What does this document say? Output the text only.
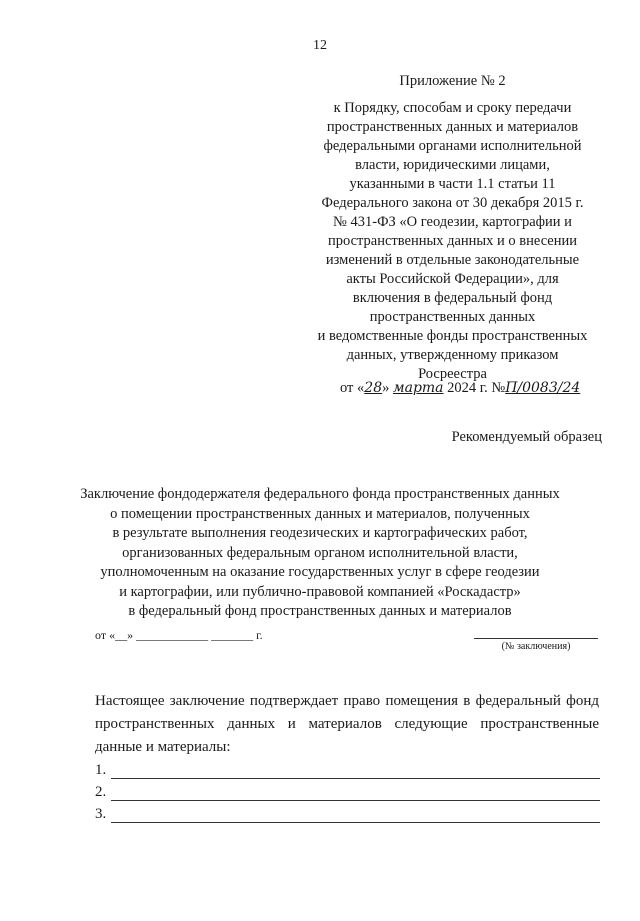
12
Приложение № 2
к Порядку, способам и сроку передачи
пространственных данных и материалов
федеральными органами исполнительной
власти, юридическими лицами,
указанными в части 1.1 статьи 11
Федерального закона от 30 декабря 2015 г.
№ 431-ФЗ «О геодезии, картографии и
пространственных данных и о внесении
изменений в отдельные законодательные
акты Российской Федерации», для
включения в федеральный фонд
пространственных данных
и ведомственные фонды пространственных
данных, утвержденному приказом
Росреестра
от «28» марта 2024 г. №П/0083/24
Рекомендуемый образец
Заключение фондодержателя федерального фонда пространственных данных
о помещении пространственных данных и материалов, полученных
в результате выполнения геодезических и картографических работ,
организованных федеральным органом исполнительной власти,
уполномоченным на оказание государственных услуг в сфере геодезии
и картографии, или публично-правовой компанией «Роскадастр»
в федеральный фонд пространственных данных и материалов
от «__» ____________ _______ г.
(№ заключения)
Настоящее заключение подтверждает право помещения в федеральный фонд пространственных данных и материалов следующие пространственные данные и материалы:
1.
2.
3.
